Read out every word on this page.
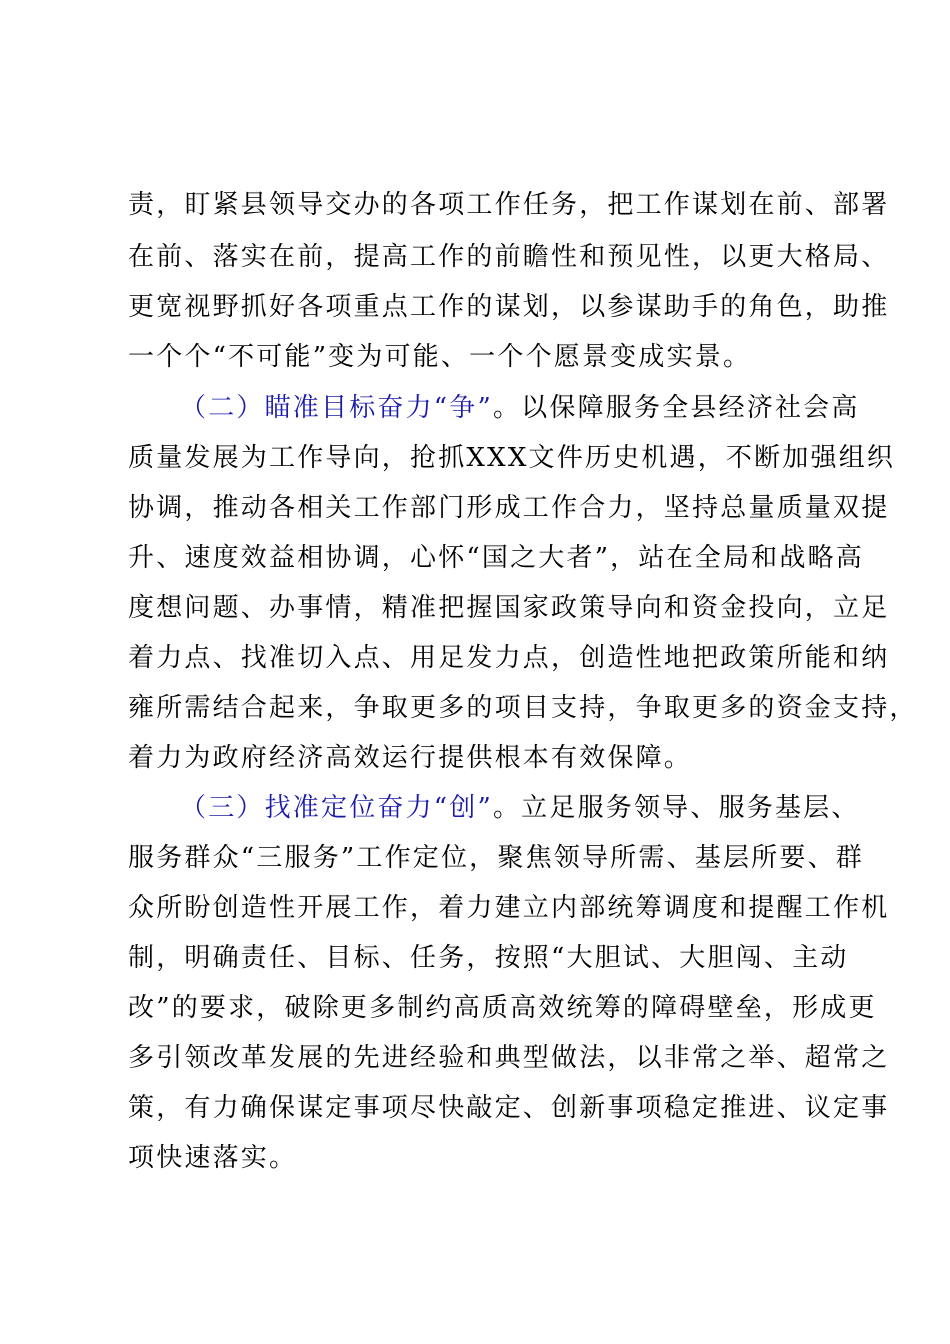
责，盯紧县领导交办的各项工作任务，把工作谋划在前、部署
在前、落实在前，提高工作的前瞻性和预见性，以更大格局、
更宽视野抓好各项重点工作的谋划，以参谋助手的角色，助推
一个个“不可能”变为可能、一个个愿景变成实景。
（二）瞄准目标奋力“争”。以保障服务全县经济社会高
质量发展为工作导向，抢抓XXX文件历史机遇，不断加强组织
协调，推动各相关工作部门形成工作合力，坚持总量质量双提
升、速度效益相协调，心怀“国之大者”，站在全局和战略高
度想问题、办事情，精准把握国家政策导向和资金投向，立足
着力点、找准切入点、用足发力点，创造性地把政策所能和纳
雍所需结合起来，争取更多的项目支持，争取更多的资金支持，
着力为政府经济高效运行提供根本有效保障。
（三）找准定位奋力“创”。立足服务领导、服务基层、
服务群众“三服务”工作定位，聚焦领导所需、基层所要、群
众所盼创造性开展工作，着力建立内部统筹调度和提醒工作机
制，明确责任、目标、任务，按照“大胆试、大胆闯、主动
改”的要求，破除更多制约高质高效统筹的障碍壁垒，形成更
多引领改革发展的先进经验和典型做法，以非常之举、超常之
策，有力确保谋定事项尽快敲定、创新事项稳定推进、议定事
项快速落实。
